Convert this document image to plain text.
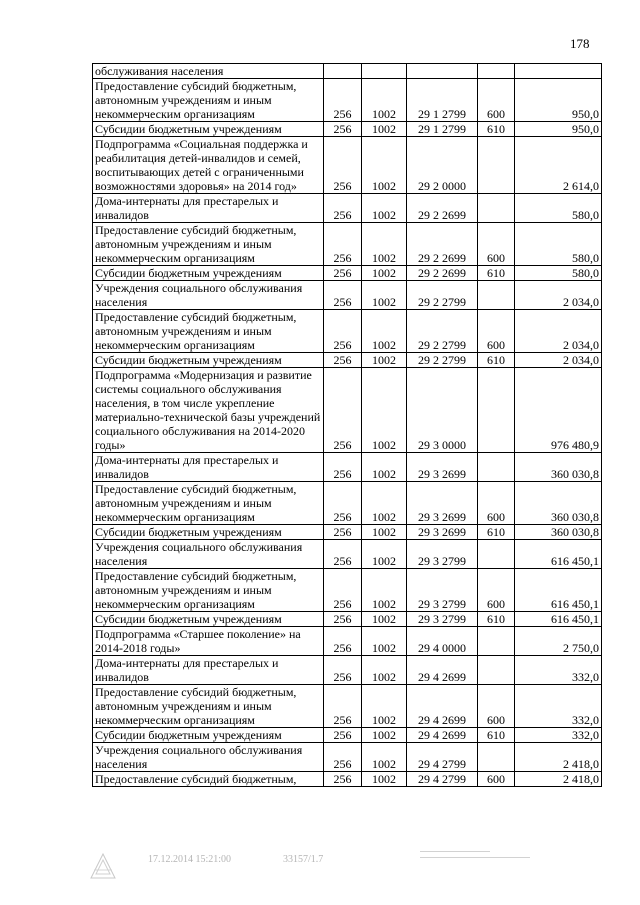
178
обслуживания населения					
Предоставление субсидий бюджетным, автономным учреждениям и иным некоммерческим организациям	256	1002	29 1 2799	600	950,0
Субсидии бюджетным учреждениям	256	1002	29 1 2799	610	950,0
Подпрограмма «Социальная поддержка и реабилитация детей-инвалидов и семей, воспитывающих детей с ограниченными возможностями здоровья» на 2014 год»	256	1002	29 2 0000		2 614,0
Дома-интернаты для престарелых и инвалидов	256	1002	29 2 2699		580,0
Предоставление субсидий бюджетным, автономным учреждениям и иным некоммерческим организациям	256	1002	29 2 2699	600	580,0
Субсидии бюджетным учреждениям	256	1002	29 2 2699	610	580,0
Учреждения социального обслуживания населения	256	1002	29 2 2799		2 034,0
Предоставление субсидий бюджетным, автономным учреждениям и иным некоммерческим организациям	256	1002	29 2 2799	600	2 034,0
Субсидии бюджетным учреждениям	256	1002	29 2 2799	610	2 034,0
Подпрограмма «Модернизация и развитие системы социального обслуживания населения, в том числе укрепление материально-технической базы учреждений социального обслуживания на 2014-2020 годы»	256	1002	29 3 0000		976 480,9
Дома-интернаты для престарелых и инвалидов	256	1002	29 3 2699		360 030,8
Предоставление субсидий бюджетным, автономным учреждениям и иным некоммерческим организациям	256	1002	29 3 2699	600	360 030,8
Субсидии бюджетным учреждениям	256	1002	29 3 2699	610	360 030,8
Учреждения социального обслуживания населения	256	1002	29 3 2799		616 450,1
Предоставление субсидий бюджетным, автономным учреждениям и иным некоммерческим организациям	256	1002	29 3 2799	600	616 450,1
Субсидии бюджетным учреждениям	256	1002	29 3 2799	610	616 450,1
Подпрограмма «Старшее поколение» на 2014-2018 годы»	256	1002	29 4 0000		2 750,0
Дома-интернаты для престарелых и инвалидов	256	1002	29 4 2699		332,0
Предоставление субсидий бюджетным, автономным учреждениям и иным некоммерческим организациям	256	1002	29 4 2699	600	332,0
Субсидии бюджетным учреждениям	256	1002	29 4 2699	610	332,0
Учреждения социального обслуживания населения	256	1002	29 4 2799		2 418,0
Предоставление субсидий бюджетным,	256	1002	29 4 2799	600	2 418,0
17.12.2014 15:21:00	33157/1.7
